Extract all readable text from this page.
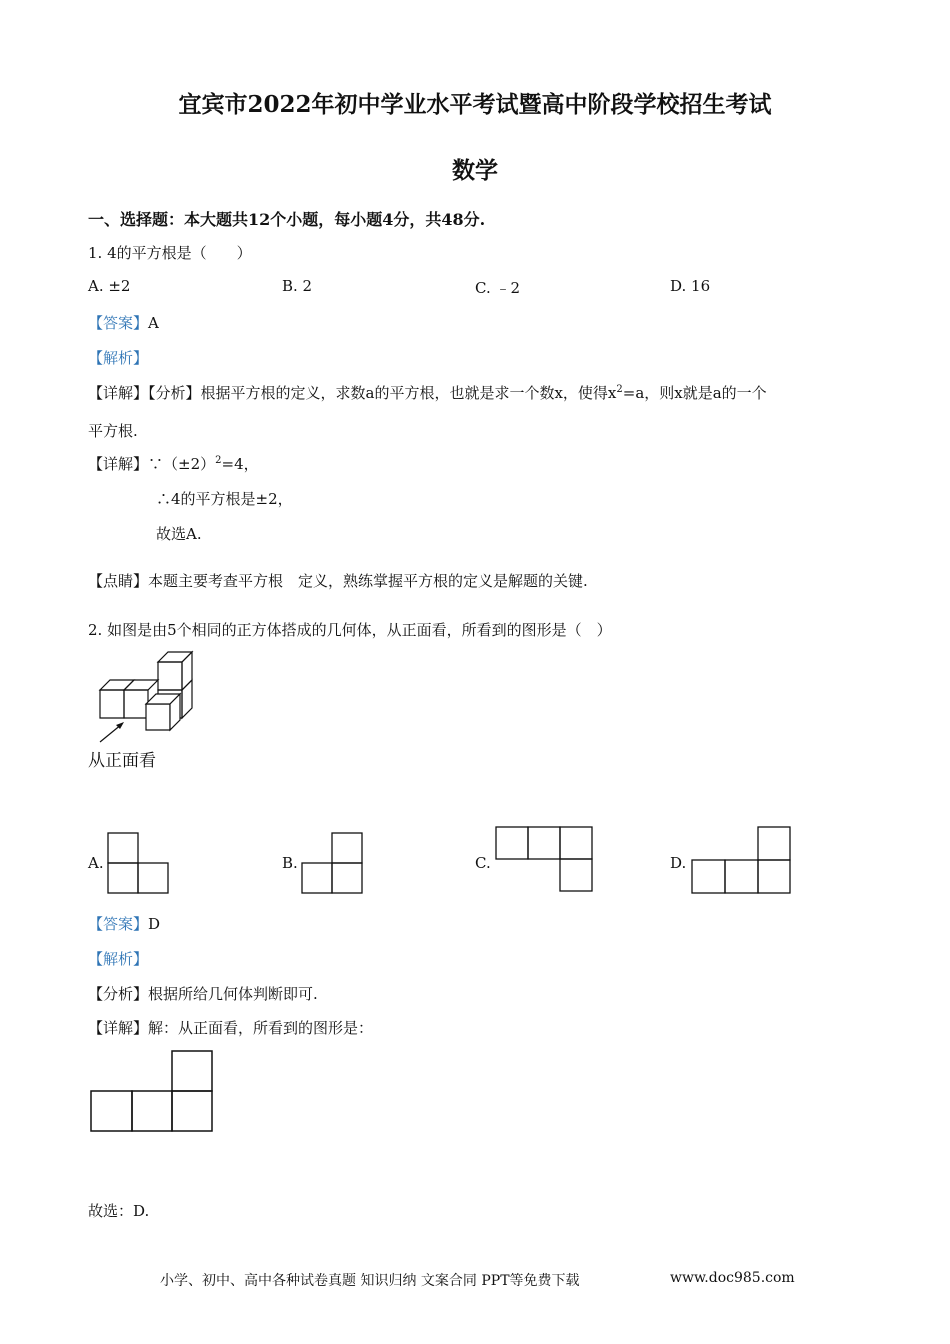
宜宾市2022年初中学业水平考试暨高中阶段学校招生考试
数学
一、选择题：本大题共12个小题，每小题4分，共48分.
1. 4的平方根是（　　）
A. ±2	B. 2	C. ﹣2	D. 16
【答案】A
【解析】
【详解】【分析】根据平方根的定义，求数a的平方根，也就是求一个数x，使得$x^2=a$，则x就是a的一个
平方根.
【详解】$\because(\pm 2)^2=4$，
∴4的平方根是±2，
故选A.
【点睛】本题主要考查平方根　定义，熟练掌握平方根的定义是解题的关键.
2. 如图是由5个相同的正方体搭成的几何体，从正面看，所看到的图形是（　）
从正面看
A.	B.	C.	D.
【答案】D
【解析】
【分析】根据所给几何体判断即可.
【详解】解：从正面看，所看到的图形是：
故选：D.
小学、初中、高中各种试卷真题 知识归纳 文案合同 PPT等免费下载	www.doc985.com
